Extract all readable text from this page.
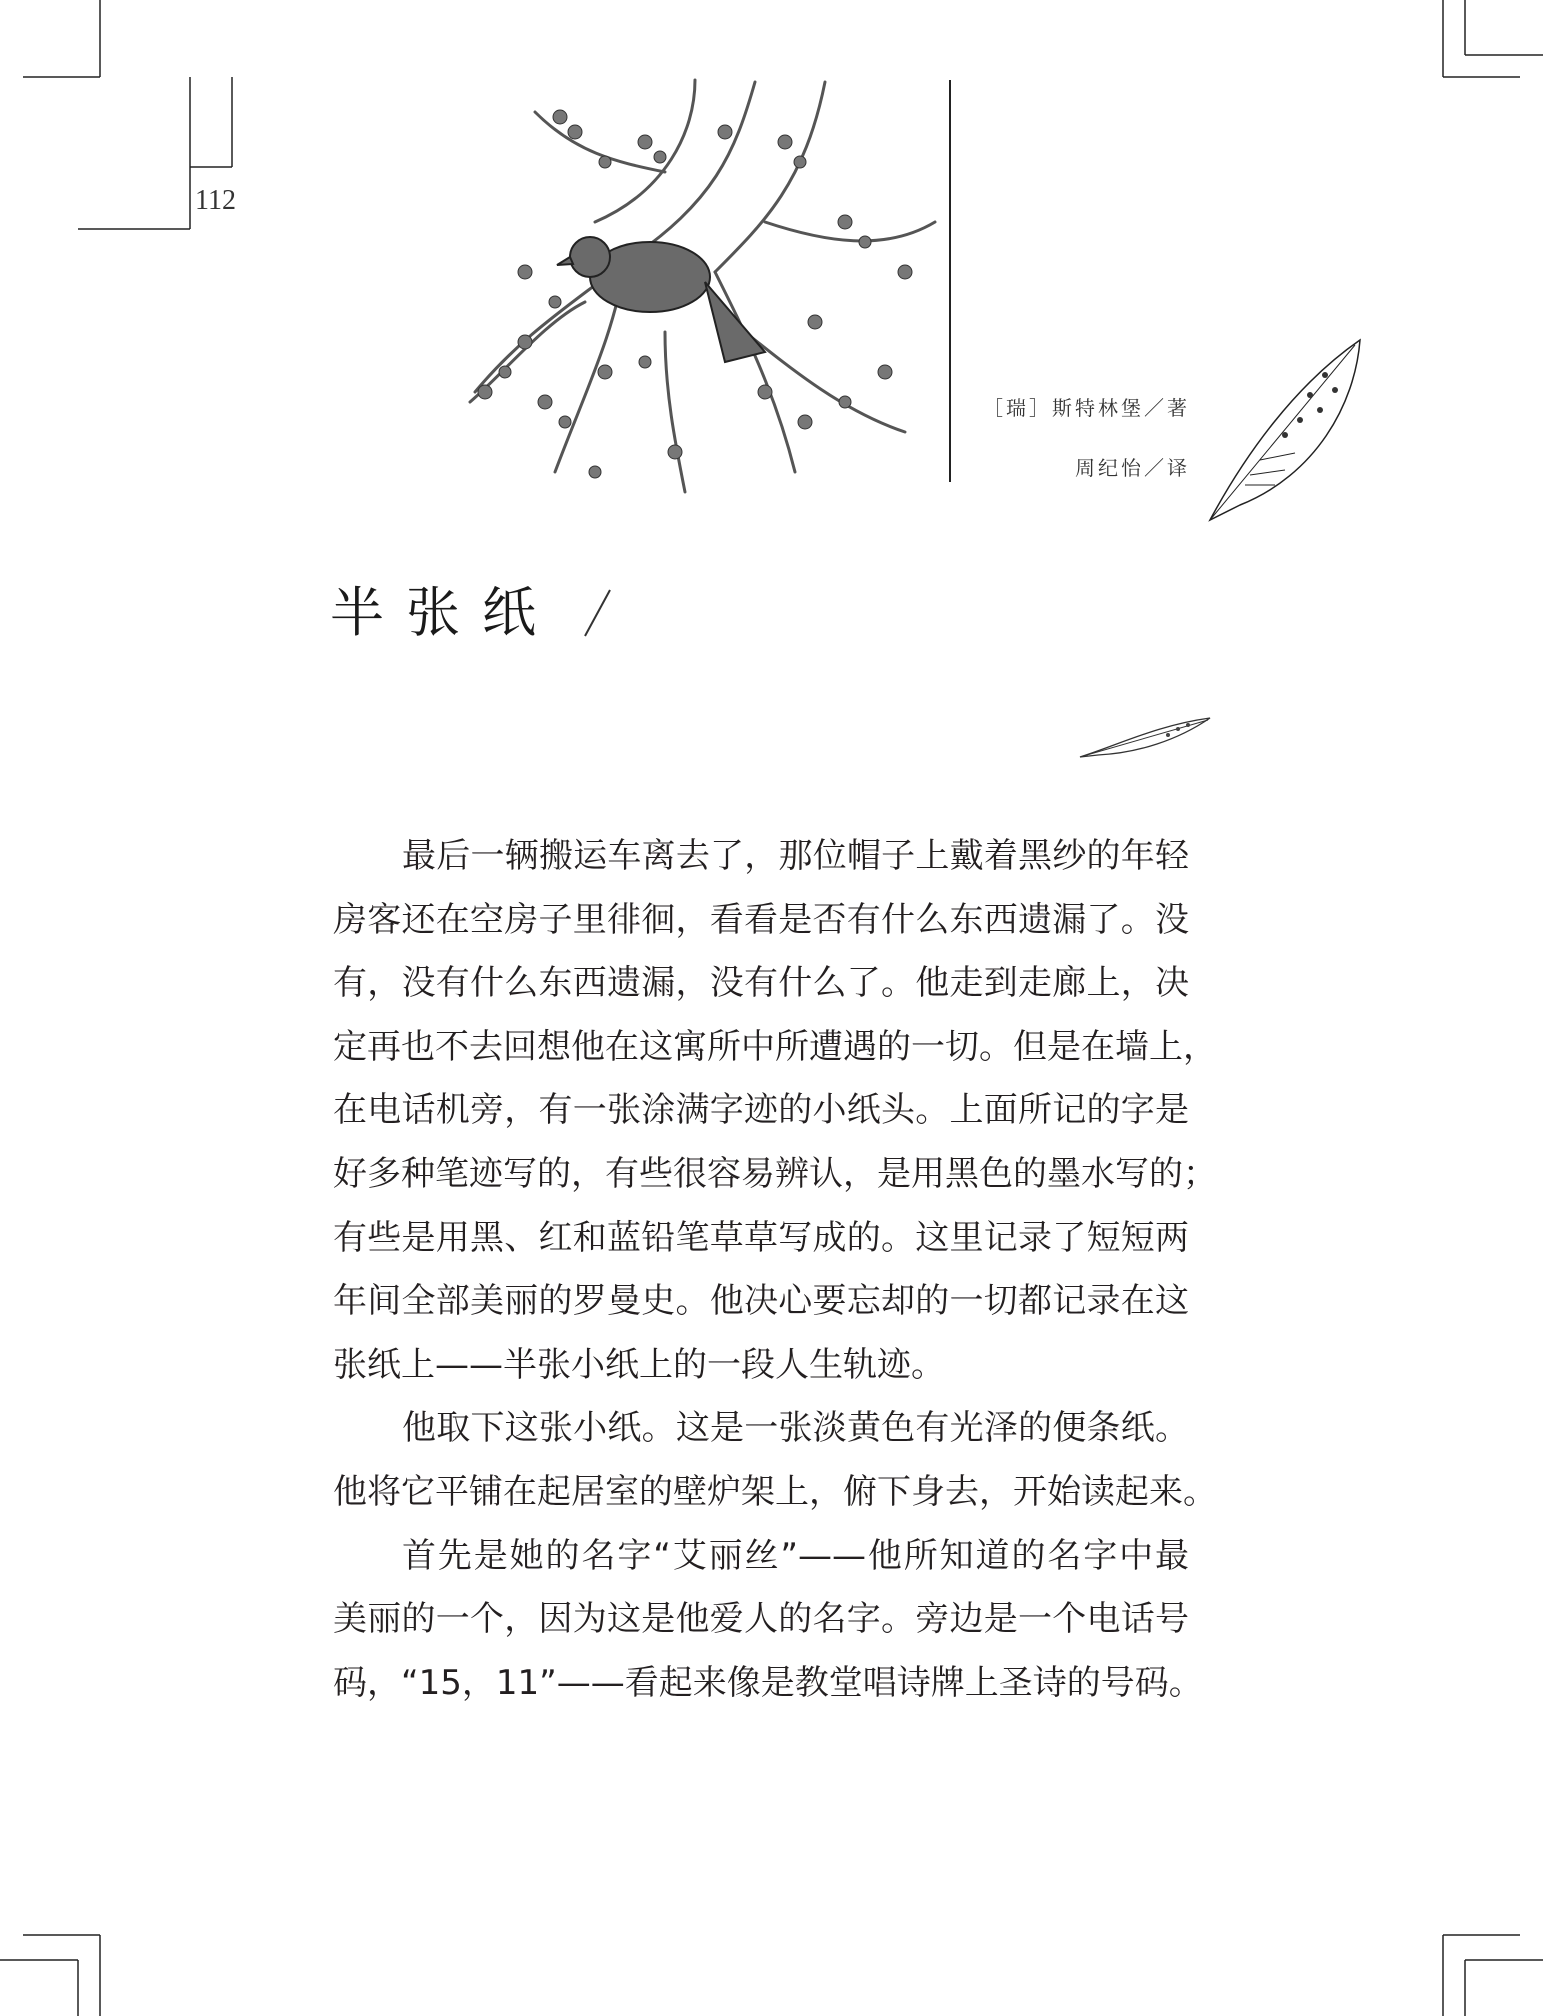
112
［瑞］斯特林堡／著
周纪怡／译
半张纸
最后一辆搬运车离去了，那位帽子上戴着黑纱的年轻
房客还在空房子里徘徊，看看是否有什么东西遗漏了。没
有，没有什么东西遗漏，没有什么了。他走到走廊上，决
定再也不去回想他在这寓所中所遭遇的一切。但是在墙上，
在电话机旁，有一张涂满字迹的小纸头。上面所记的字是
好多种笔迹写的，有些很容易辨认，是用黑色的墨水写的；
有些是用黑、红和蓝铅笔草草写成的。这里记录了短短两
年间全部美丽的罗曼史。他决心要忘却的一切都记录在这
张纸上——半张小纸上的一段人生轨迹。
他取下这张小纸。这是一张淡黄色有光泽的便条纸。
他将它平铺在起居室的壁炉架上，俯下身去，开始读起来。
首先是她的名字“艾丽丝”——他所知道的名字中最
美丽的一个，因为这是他爱人的名字。旁边是一个电话号
码，“15，11”——看起来像是教堂唱诗牌上圣诗的号码。
